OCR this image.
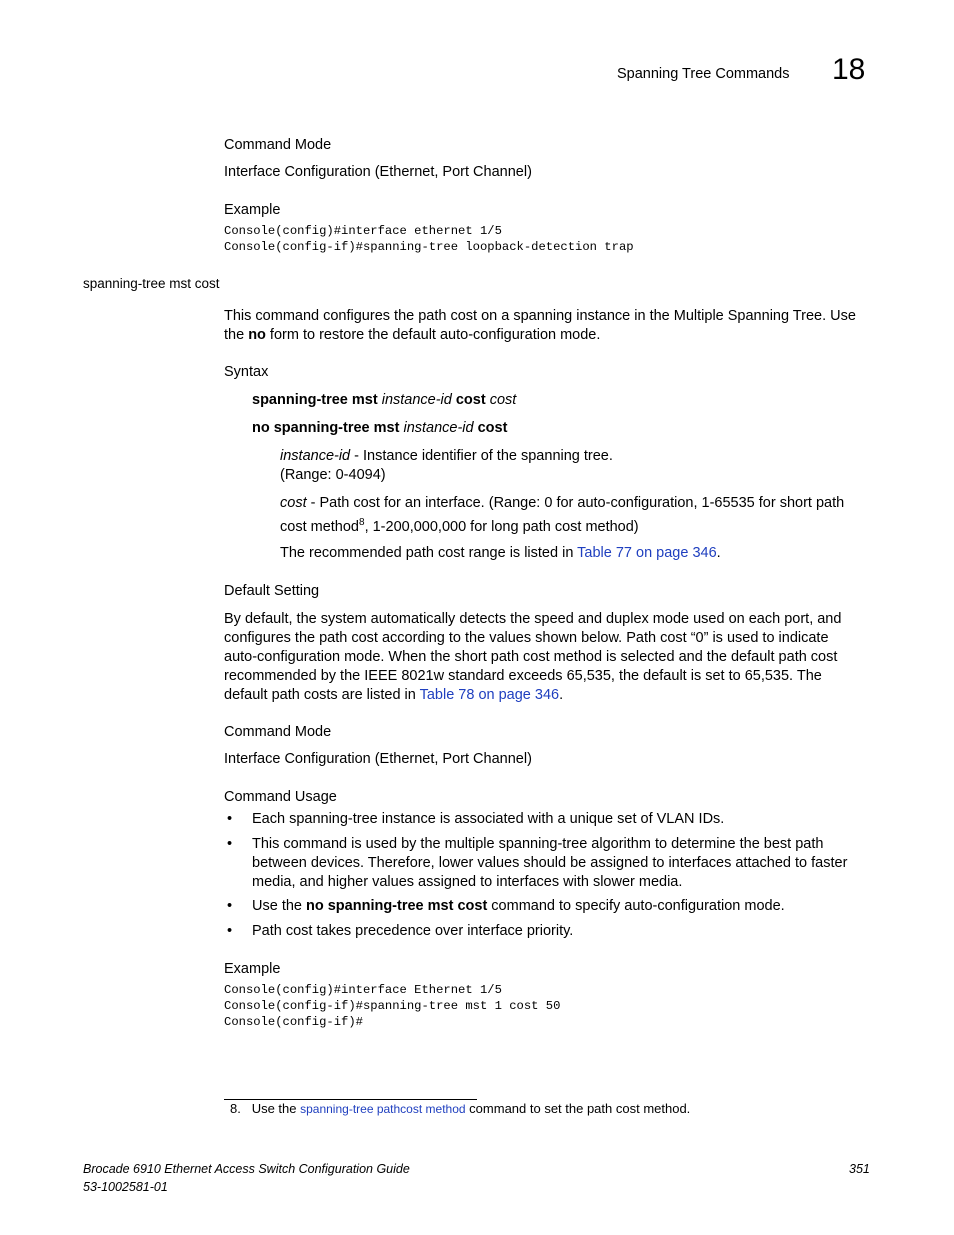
Spanning Tree Commands 18
Command Mode
Interface Configuration (Ethernet, Port Channel)
Example
Console(config)#interface ethernet 1/5
Console(config-if)#spanning-tree loopback-detection trap
spanning-tree mst cost
This command configures the path cost on a spanning instance in the Multiple Spanning Tree. Use the no form to restore the default auto-configuration mode.
Syntax
spanning-tree mst instance-id cost cost
no spanning-tree mst instance-id cost
instance-id - Instance identifier of the spanning tree.
(Range: 0-4094)
cost - Path cost for an interface. (Range: 0 for auto-configuration, 1-65535 for short path cost method$^8$, 1-200,000,000 for long path cost method)
The recommended path cost range is listed in Table 77 on page 346.
Default Setting
By default, the system automatically detects the speed and duplex mode used on each port, and configures the path cost according to the values shown below. Path cost “0” is used to indicate auto-configuration mode. When the short path cost method is selected and the default path cost recommended by the IEEE 8021w standard exceeds 65,535, the default is set to 65,535. The default path costs are listed in Table 78 on page 346.
Command Mode
Interface Configuration (Ethernet, Port Channel)
Command Usage
• Each spanning-tree instance is associated with a unique set of VLAN IDs.
• This command is used by the multiple spanning-tree algorithm to determine the best path between devices. Therefore, lower values should be assigned to interfaces attached to faster media, and higher values assigned to interfaces with slower media.
• Use the no spanning-tree mst cost command to specify auto-configuration mode.
• Path cost takes precedence over interface priority.
Example
Console(config)#interface Ethernet 1/5
Console(config-if)#spanning-tree mst 1 cost 50
Console(config-if)#
8. Use the spanning-tree pathcost method command to set the path cost method.
Brocade 6910 Ethernet Access Switch Configuration Guide
53-1002581-01
351
